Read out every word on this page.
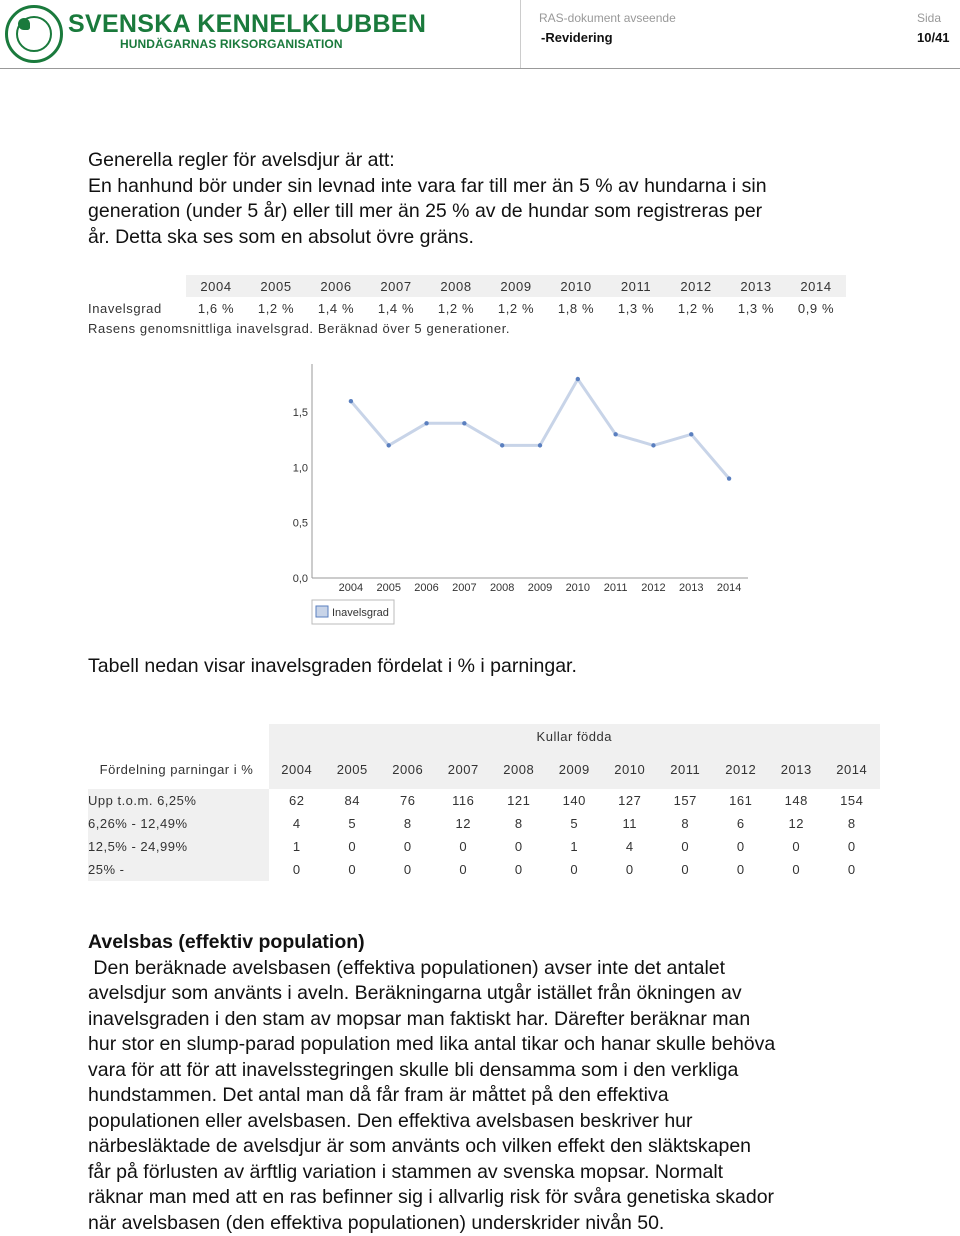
SVENSKA KENNELKLUBBEN
HUNDÄGARNAS RIKSORGANISATION
RAS-dokument avseende
-Revidering
Sida
10/41
Generella regler för avelsdjur är att:
En hanhund bör under sin levnad inte vara far till mer än 5 % av hundarna i sin
generation (under 5 år) eller till mer än 25 % av de hundar som registreras per
år. Detta ska ses som en absolut övre gräns.
	2004	2005	2006	2007	2008	2009	2010	2011	2012	2013	2014
Inavelsgrad	1,6 %	1,2 %	1,4 %	1,4 %	1,2 %	1,2 %	1,8 %	1,3 %	1,2 %	1,3 %	0,9 %
Rasens genomsnittliga inavelsgrad. Beräknad över 5 generationer.
0,0
0,5
1,0
1,5
2004 2005 2006 2007 2008 2009 2010 2011 2012 2013 2014
Inavelsgrad
Tabell nedan visar inavelsgraden fördelat i % i parningar.
	Kullar födda										
Fördelning parningar i %	2004	2005	2006	2007	2008	2009	2010	2011	2012	2013	2014
Upp t.o.m. 6,25%	62	84	76	116	121	140	127	157	161	148	154
6,26% - 12,49%	4	5	8	12	8	5	11	8	6	12	8
12,5% - 24,99%	1	0	0	0	0	1	4	0	0	0	0
25% -	0	0	0	0	0	0	0	0	0	0	0
Avelsbas (effektiv population)
Den beräknade avelsbasen (effektiva populationen) avser inte det antalet
avelsdjur som använts i aveln. Beräkningarna utgår istället från ökningen av
inavelsgraden i den stam av mopsar man faktiskt har. Därefter beräknar man
hur stor en slump-parad population med lika antal tikar och hanar skulle behöva
vara för att för att inavelsstegringen skulle bli densamma som i den verkliga
hundstammen. Det antal man då får fram är måttet på den effektiva
populationen eller avelsbasen. Den effektiva avelsbasen beskriver hur
närbesläktade de avelsdjur är som använts och vilken effekt den släktskapen
får på förlusten av ärftlig variation i stammen av svenska mopsar. Normalt
räknar man med att en ras befinner sig i allvarlig risk för svåra genetiska skador
när avelsbasen (den effektiva populationen) underskrider nivån 50.
